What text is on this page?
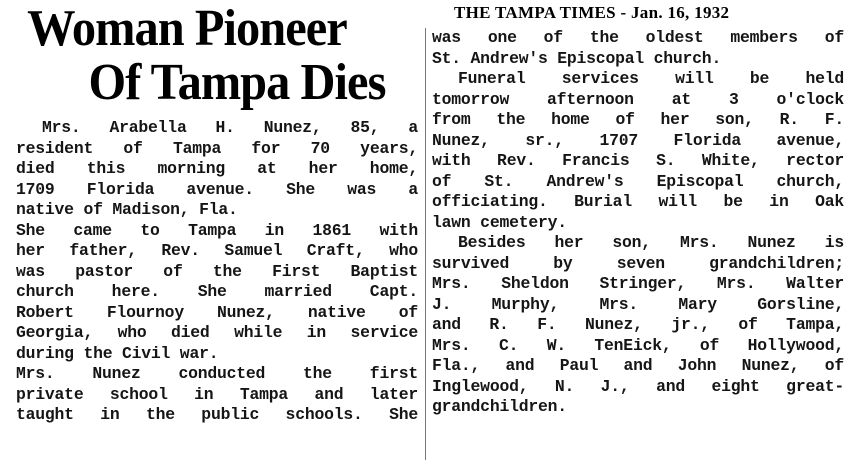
Woman Pioneer
Of Tampa Dies
Mrs. Arabella H. Nunez, 85, a
resident of Tampa for 70 years,
died this morning at her home,
1709 Florida avenue. She was a
native of Madison, Fla.
She came to Tampa in 1861 with
her father, Rev. Samuel Craft, who
was pastor of the First Baptist
church here. She married Capt.
Robert Flournoy Nunez, native of
Georgia, who died while in service
during the Civil war.
Mrs. Nunez conducted the first
private school in Tampa and later
taught in the public schools. She
THE TAMPA TIMES - Jan. 16, 1932
was one of the oldest members of
St. Andrew's Episcopal church.
Funeral services will be held
tomorrow afternoon at 3 o'clock
from the home of her son, R. F.
Nunez, sr., 1707 Florida avenue,
with Rev. Francis S. White, rector
of St. Andrew's Episcopal church,
officiating. Burial will be in Oak
lawn cemetery.
Besides her son, Mrs. Nunez is
survived by seven grandchildren;
Mrs. Sheldon Stringer, Mrs. Walter
J. Murphy, Mrs. Mary Gorsline,
and R. F. Nunez, jr., of Tampa,
Mrs. C. W. TenEick, of Hollywood,
Fla., and Paul and John Nunez, of
Inglewood, N. J., and eight great-
grandchildren.
